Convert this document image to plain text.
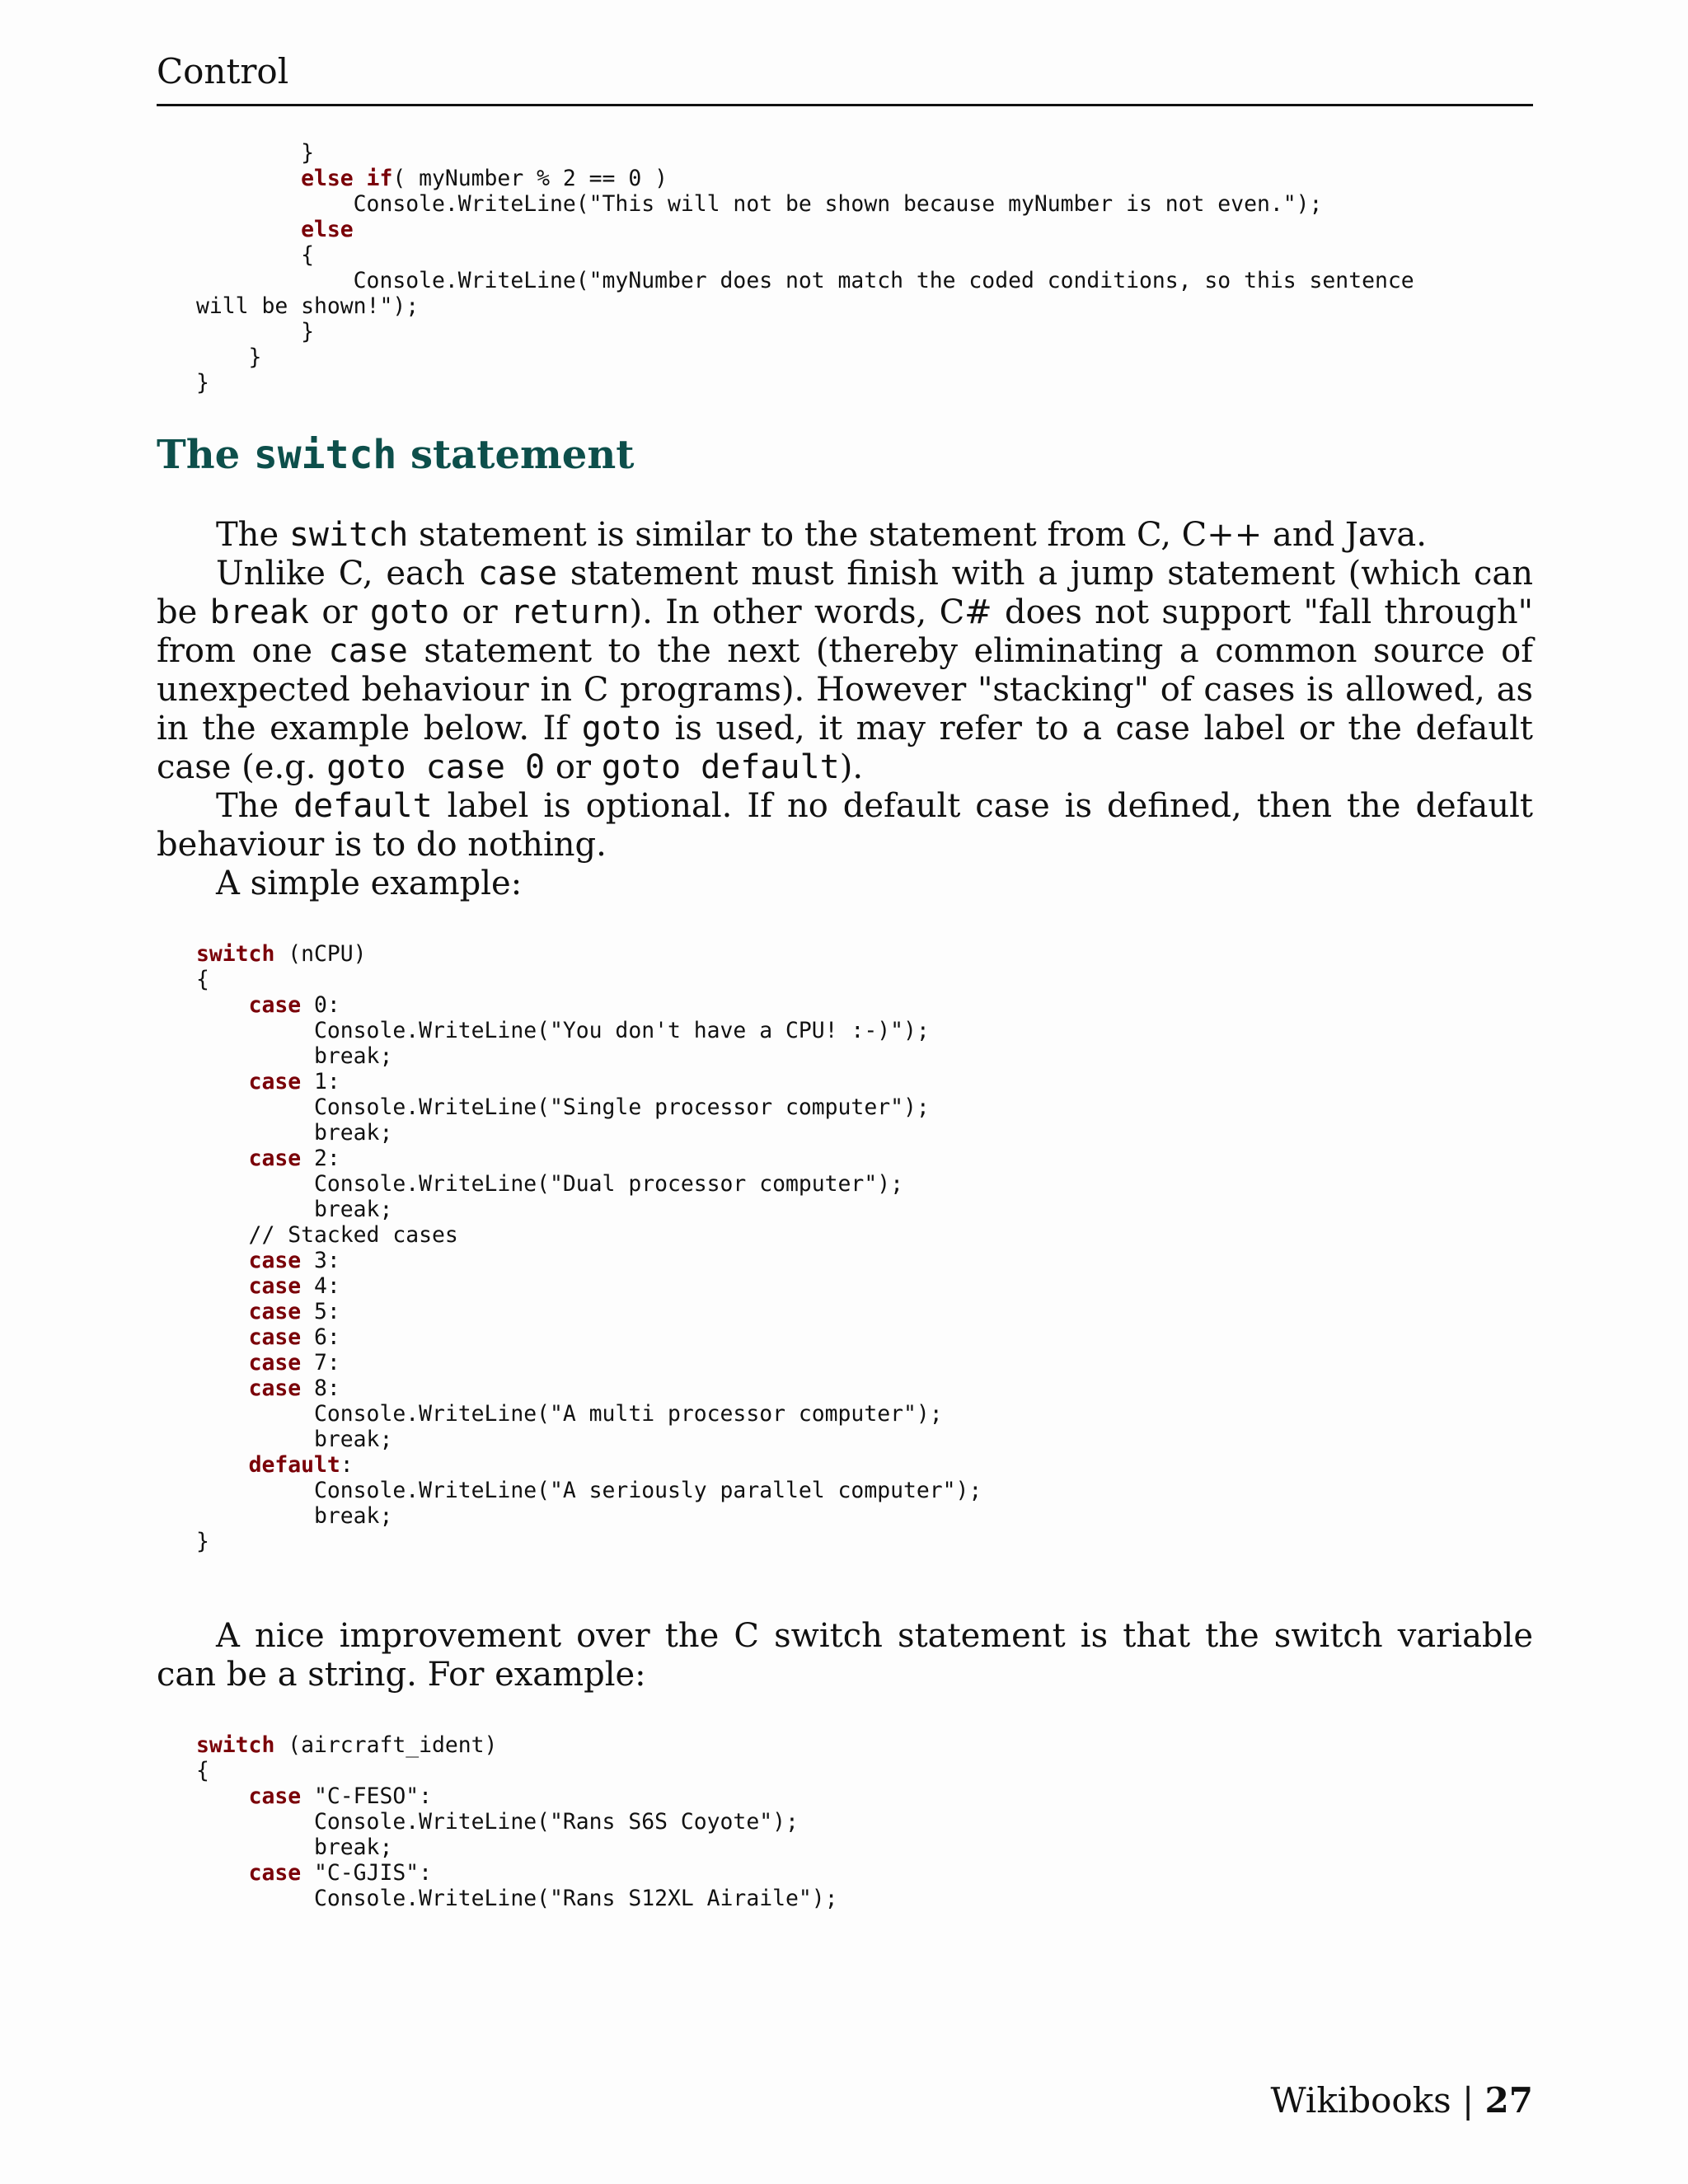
Control
}
else if( myNumber % 2 == 0 )
Console.WriteLine("This will not be shown because myNumber is not even.");
else
{
Console.WriteLine("myNumber does not match the coded conditions, so this sentence
will be shown!");
}
}
}
The switch statement

The switch statement is similar to the statement from C, C++ and Java.

Unlike C, each case statement must finish with a jump statement (which can be break or goto or return). In other words, C# does not support "fall through" from one case statement to the next (thereby eliminating a common source of unexpected behaviour in C programs). However "stacking" of cases is allowed, as in the example below. If goto is used, it may refer to a case label or the default case (e.g. goto case 0 or goto default).

The default label is optional. If no default case is defined, then the default behaviour is to do nothing.

A simple example:

switch (nCPU)
{
case 0:
Console.WriteLine("You don't have a CPU! :-)");
break;
case 1:
Console.WriteLine("Single processor computer");
break;
case 2:
Console.WriteLine("Dual processor computer");
break;
// Stacked cases
case 3:
case 4:
case 5:
case 6:
case 7:
case 8:
Console.WriteLine("A multi processor computer");
break;
default:
Console.WriteLine("A seriously parallel computer");
break;
}

A nice improvement over the C switch statement is that the switch variable can be a string. For example:

switch (aircraft_ident)
{
case "C-FESO":
Console.WriteLine("Rans S6S Coyote");
break;
case "C-GJIS":
Console.WriteLine("Rans S12XL Airaile");
Wikibooks | 27
